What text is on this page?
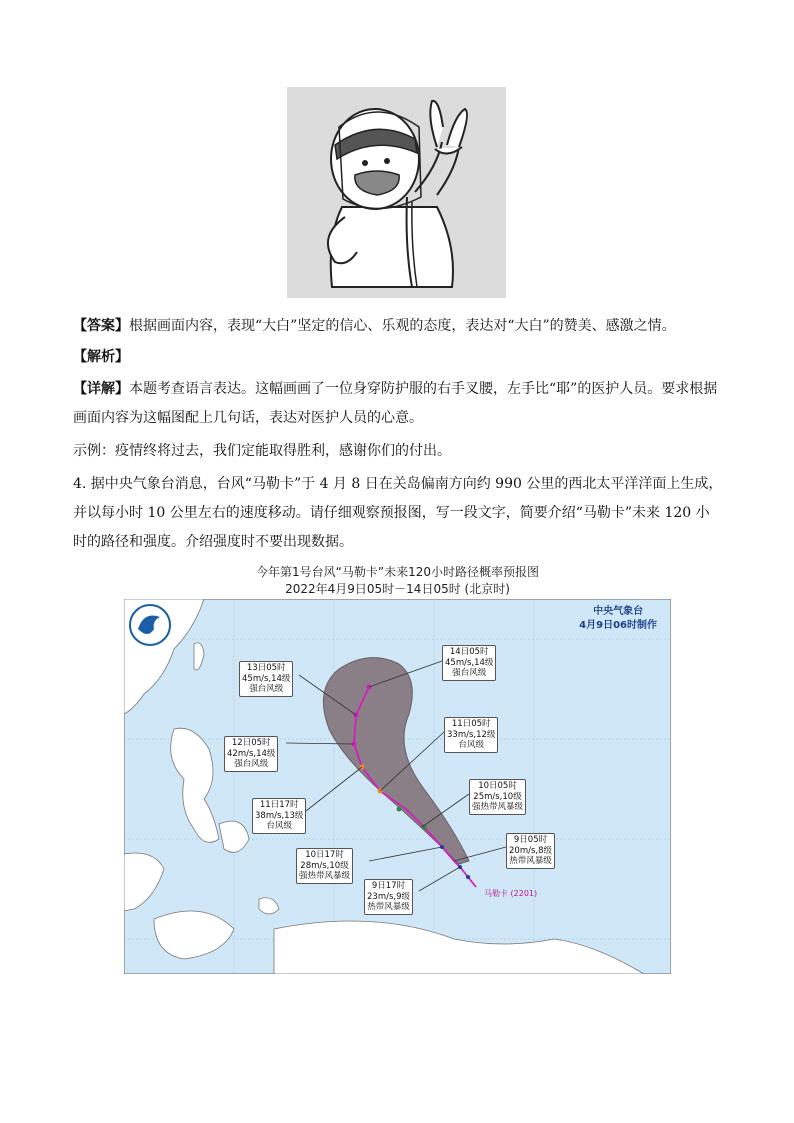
【答案】根据画面内容，表现“大白”坚定的信心、乐观的态度，表达对“大白”的赞美、感激之情。
【解析】
【详解】本题考查语言表达。这幅画画了一位身穿防护服的右手叉腰，左手比“耶”的医护人员。要求根据画面内容为这幅图配上几句话，表达对医护人员的心意。
示例：疫情终将过去，我们定能取得胜利，感谢你们的付出。
4. 据中央气象台消息，台风“马勒卡”于 4 月 8 日在关岛偏南方向约 990 公里的西北太平洋洋面上生成，并以每小时 10 公里左右的速度移动。请仔细观察预报图，写一段文字，简要介绍“马勒卡”未来 120 小时的路径和强度。介绍强度时不要出现数据。
今年第1号台风“马勒卡”未来120小时路径概率预报图
2022年4月9日05时－14日05时 (北京时)
中央气象台
4月9日06时制作
14日05时
45m/s,14级
强台风级
13日05时
45m/s,14级
强台风级
11日05时
33m/s,12级
台风级
12日05时
42m/s,14级
强台风级
10日05时
25m/s,10级
强热带风暴级
11日17时
38m/s,13级
台风级
9日05时
20m/s,8级
热带风暴级
10日17时
28m/s,10级
强热带风暴级
9日17时
23m/s,9级
热带风暴级
马勒卡 (2201)
